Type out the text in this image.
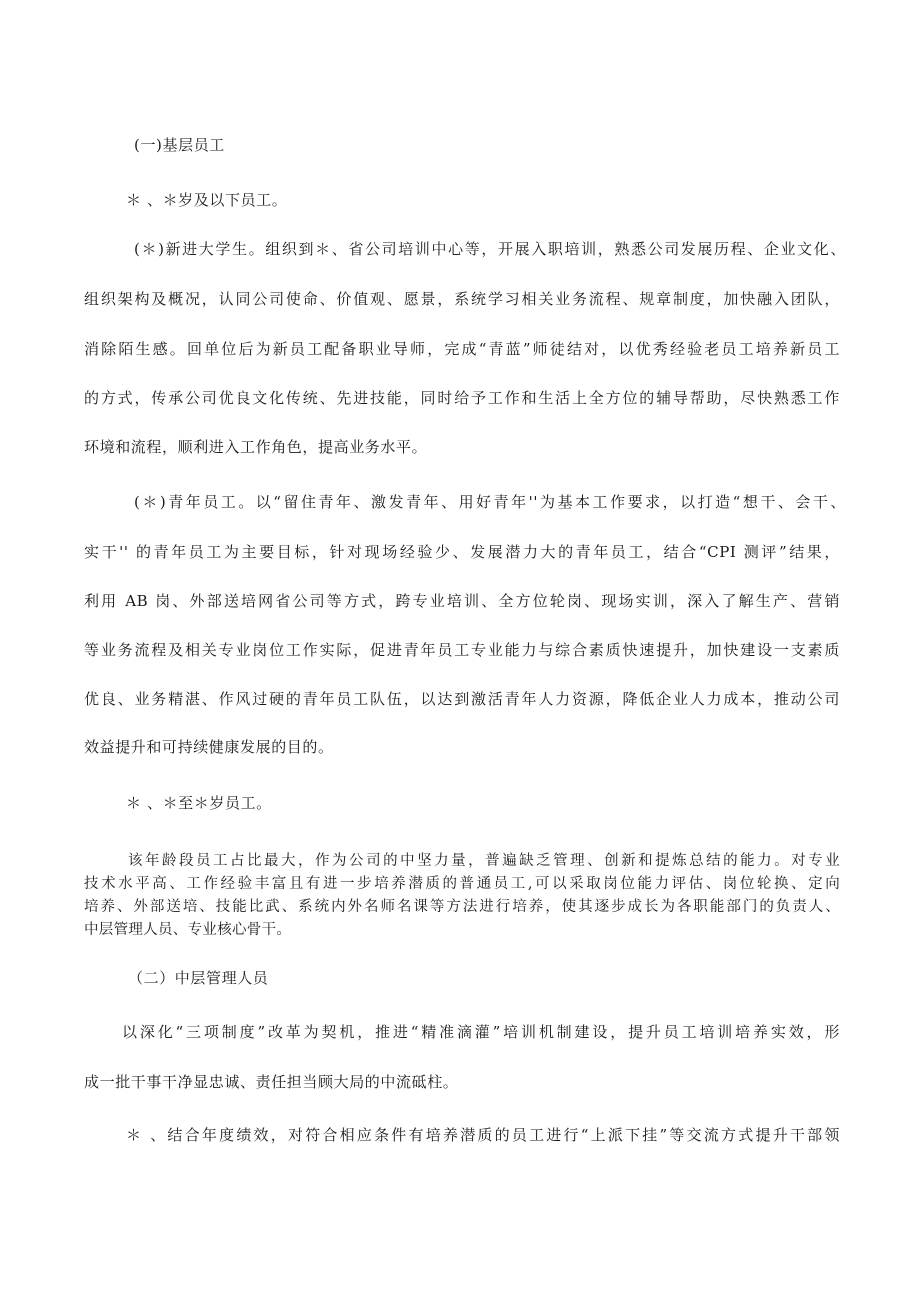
(一)基层员工
＊ 、＊岁及以下员工。
(＊)新进大学生。组织到＊、省公司培训中心等，开展入职培训，熟悉公司发展历程、企业文化、
组织架构及概况，认同公司使命、价值观、愿景，系统学习相关业务流程、规章制度，加快融入团队，
消除陌生感。回单位后为新员工配备职业导师，完成“青蓝”师徒结对，以优秀经验老员工培养新员工
的方式，传承公司优良文化传统、先进技能，同时给予工作和生活上全方位的辅导帮助，尽快熟悉工作
环境和流程，顺利进入工作角色，提高业务水平。
(＊)青年员工。以“留住青年、激发青年、用好青年''为基本工作要求，以打造“想干、会干、
实干'' 的青年员工为主要目标，针对现场经验少、发展潜力大的青年员工，结合“CPI 测评”结果，
利用 AB 岗、外部送培网省公司等方式，跨专业培训、全方位轮岗、现场实训，深入了解生产、营销
等业务流程及相关专业岗位工作实际，促进青年员工专业能力与综合素质快速提升，加快建设一支素质
优良、业务精湛、作风过硬的青年员工队伍，以达到激活青年人力资源，降低企业人力成本，推动公司
效益提升和可持续健康发展的目的。
＊ 、＊至＊岁员工。
该年龄段员工占比最大，作为公司的中坚力量，普遍缺乏管理、创新和提炼总结的能力。对专业
技术水平高、工作经验丰富且有进一步培养潜质的普通员工,可以采取岗位能力评估、岗位轮换、定向
培养、外部送培、技能比武、系统内外名师名课等方法进行培养，使其逐步成长为各职能部门的负责人、
中层管理人员、专业核心骨干。
（二）中层管理人员
以深化“三项制度”改革为契机，推进“精准滴灌”培训机制建设，提升员工培训培养实效，形
成一批干事干净显忠诚、责任担当顾大局的中流砥柱。
＊ 、结合年度绩效，对符合相应条件有培养潜质的员工进行“上派下挂”等交流方式提升干部领
